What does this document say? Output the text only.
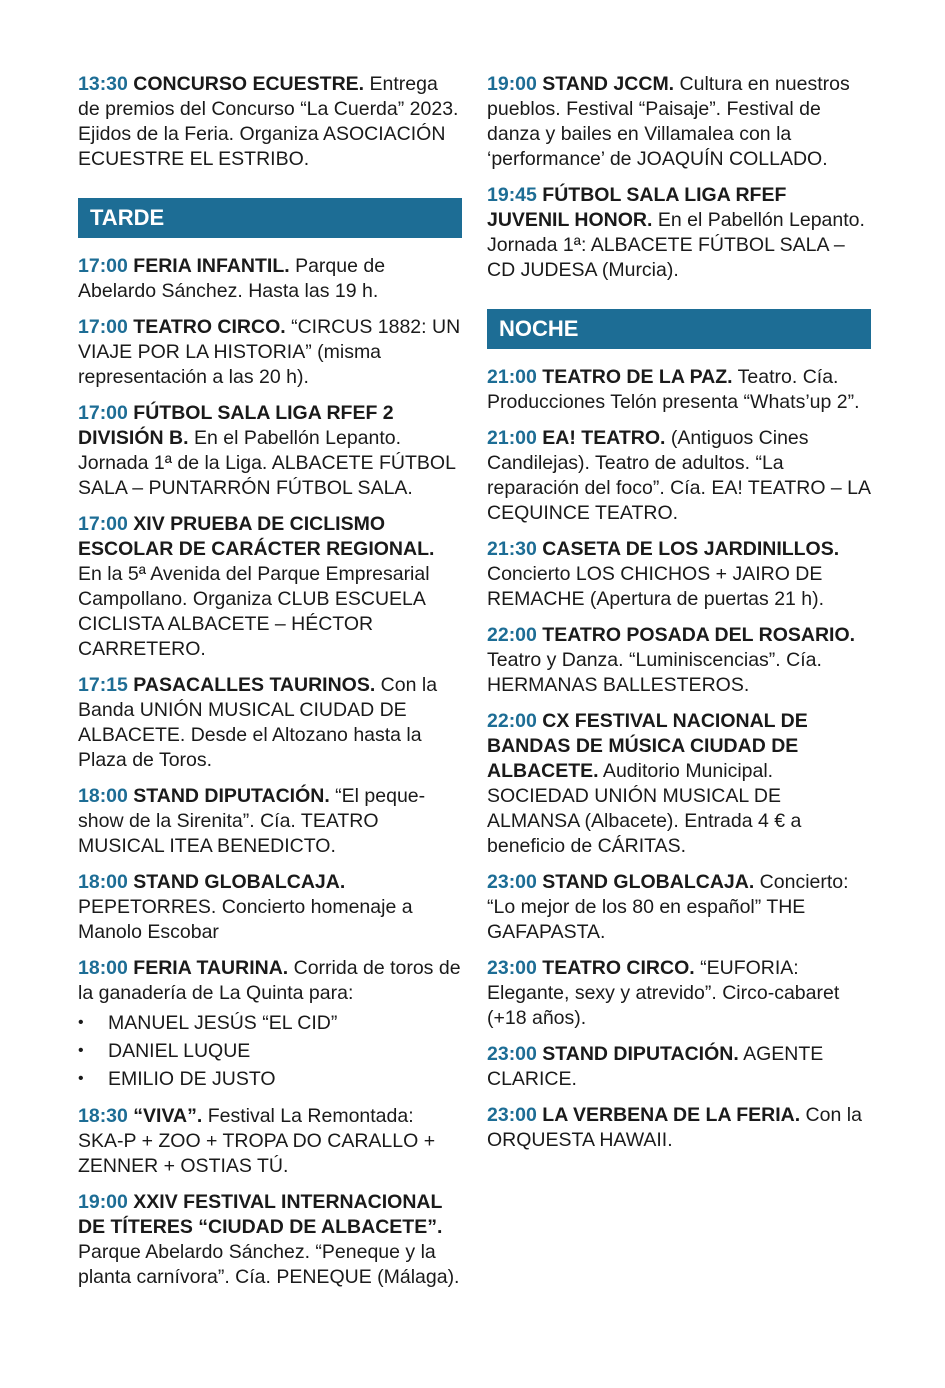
13:30 CONCURSO ECUESTRE. Entrega de premios del Concurso “La Cuerda” 2023. Ejidos de la Feria. Organiza ASOCIACIÓN ECUESTRE EL ESTRIBO.
TARDE
17:00 FERIA INFANTIL. Parque de Abelardo Sánchez. Hasta las 19 h.
17:00 TEATRO CIRCO. “CIRCUS 1882: UN VIAJE POR LA HISTORIA” (misma representación a las 20 h).
17:00 FÚTBOL SALA LIGA RFEF 2 DIVISIÓN B. En el Pabellón Lepanto. Jornada 1ª de la Liga. ALBACETE FÚTBOL SALA – PUNTARRÓN FÚTBOL SALA.
17:00 XIV PRUEBA DE CICLISMO ESCOLAR DE CARÁCTER REGIONAL. En la 5ª Avenida del Parque Empresarial Campollano. Organiza CLUB ESCUELA CICLISTA ALBACETE – HÉCTOR CARRETERO.
17:15 PASACALLES TAURINOS. Con la Banda UNIÓN MUSICAL CIUDAD DE ALBACETE. Desde el Altozano hasta la Plaza de Toros.
18:00 STAND DIPUTACIÓN. “El peque-show de la Sirenita”. Cía. TEATRO MUSICAL ITEA BENEDICTO.
18:00 STAND GLOBALCAJA. PEPETORRES. Concierto homenaje a Manolo Escobar
18:00 FERIA TAURINA. Corrida de toros de la ganadería de La Quinta para:
• MANUEL JESÚS “EL CID”
• DANIEL LUQUE
• EMILIO DE JUSTO
18:30 “VIVA”. Festival La Remontada: SKA-P + ZOO + TROPA DO CARALLO + ZENNER + OSTIAS TÚ.
19:00 XXIV FESTIVAL INTERNACIONAL DE TÍTERES “CIUDAD DE ALBACETE”. Parque Abelardo Sánchez. “Peneque y la planta carnívora”. Cía. PENEQUE (Málaga).
19:00 STAND JCCM. Cultura en nuestros pueblos. Festival “Paisaje”. Festival de danza y bailes en Villamalea con la ‘performance’ de JOAQUÍN COLLADO.
19:45 FÚTBOL SALA LIGA RFEF JUVENIL HONOR. En el Pabellón Lepanto. Jornada 1ª: ALBACETE FÚTBOL SALA – CD JUDESA (Murcia).
NOCHE
21:00 TEATRO DE LA PAZ. Teatro. Cía. Producciones Telón presenta “Whats’up 2”.
21:00 EA! TEATRO. (Antiguos Cines Candilejas). Teatro de adultos. “La reparación del foco”. Cía. EA! TEATRO – LA CEQUINCE TEATRO.
21:30 CASETA DE LOS JARDINILLOS. Concierto LOS CHICHOS + JAIRO DE REMACHE (Apertura de puertas 21 h).
22:00 TEATRO POSADA DEL ROSARIO. Teatro y Danza. “Luminiscencias”. Cía. HERMANAS BALLESTEROS.
22:00 CX FESTIVAL NACIONAL DE BANDAS DE MÚSICA CIUDAD DE ALBACETE. Auditorio Municipal. SOCIEDAD UNIÓN MUSICAL DE ALMANSA (Albacete). Entrada 4 € a beneficio de CÁRITAS.
23:00 STAND GLOBALCAJA. Concierto: “Lo mejor de los 80 en español” THE GAFAPASTA.
23:00 TEATRO CIRCO. “EUFORIA: Elegante, sexy y atrevido”. Circo-cabaret (+18 años).
23:00 STAND DIPUTACIÓN. AGENTE CLARICE.
23:00 LA VERBENA DE LA FERIA. Con la ORQUESTA HAWAII.
